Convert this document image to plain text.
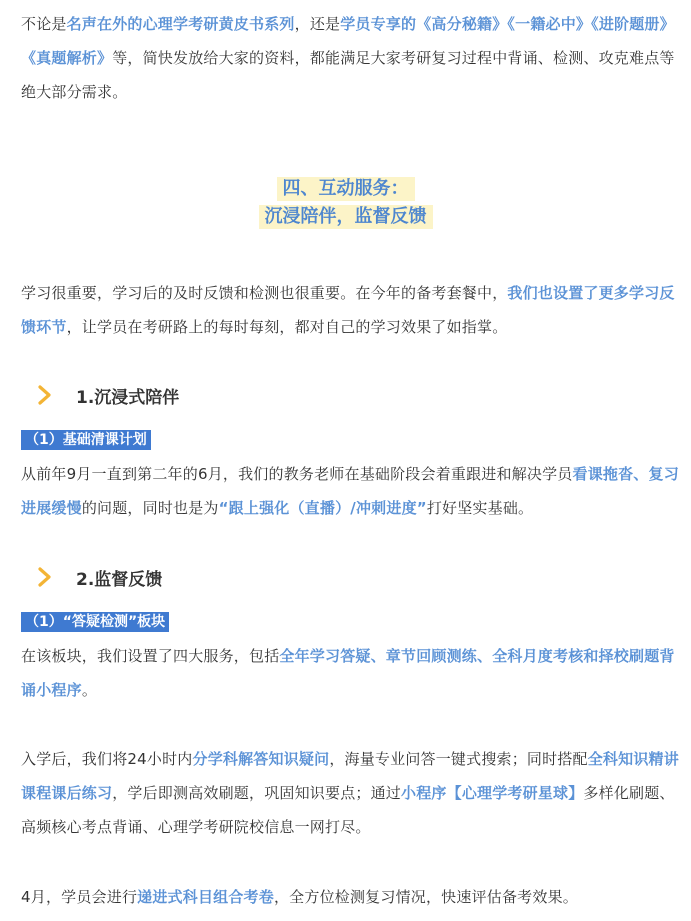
不论是名声在外的心理学考研黄皮书系列，还是学员专享的《高分秘籍》《一籍必中》《进阶题册》《真题解析》等，简快发放给大家的资料，都能满足大家考研复习过程中背诵、检测、攻克难点等绝大部分需求。
四、互动服务：
沉浸陪伴，监督反馈
学习很重要，学习后的及时反馈和检测也很重要。在今年的备考套餐中，我们也设置了更多学习反馈环节，让学员在考研路上的每时每刻，都对自己的学习效果了如指掌。
1.沉浸式陪伴
（1）基础清课计划
从前年9月一直到第二年的6月，我们的教务老师在基础阶段会着重跟进和解决学员看课拖沓、复习进展缓慢的问题，同时也是为“跟上强化（直播）/冲刺进度”打好坚实基础。
2.监督反馈
（1）“答疑检测”板块
在该板块，我们设置了四大服务，包括全年学习答疑、章节回顾测练、全科月度考核和择校刷题背诵小程序。
入学后，我们将24小时内分学科解答知识疑问，海量专业问答一键式搜索；同时搭配全科知识精讲课程课后练习，学后即测高效刷题，巩固知识要点；通过小程序【心理学考研星球】多样化刷题、高频核心考点背诵、心理学考研院校信息一网打尽。
4月，学员会进行递进式科目组合考卷，全方位检测复习情况，快速评估备考效果。
